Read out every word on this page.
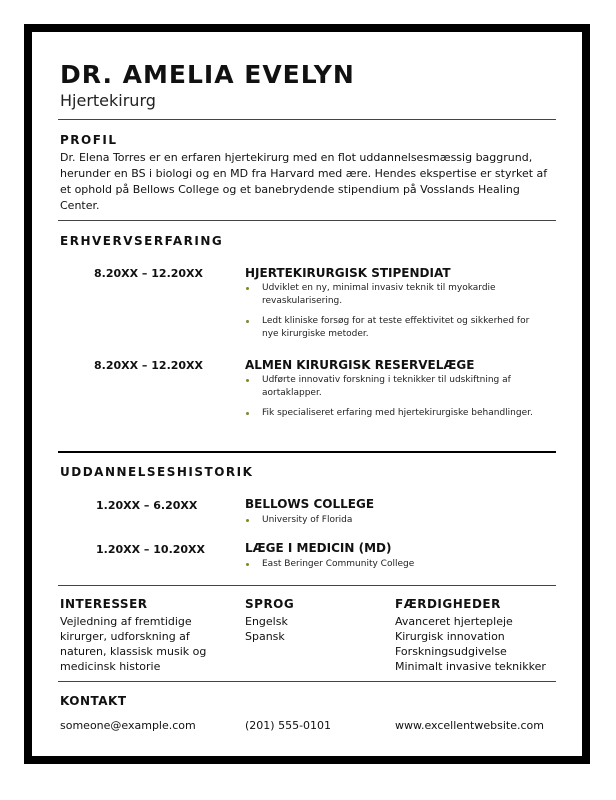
DR. AMELIA EVELYN
Hjertekirurg
PROFIL
Dr. Elena Torres er en erfaren hjertekirurg med en flot uddannelsesmæssig baggrund, herunder en BS i biologi og en MD fra Harvard med ære. Hendes ekspertise er styrket af et ophold på Bellows College og et banebrydende stipendium på Vosslands Healing Center.
ERHVERVSERFARING
8.20XX – 12.20XX	HJERTEKIRURGISK STIPENDIAT
Udviklet en ny, minimal invasiv teknik til myokardie revaskularisering.
Ledt kliniske forsøg for at teste effektivitet og sikkerhed for nye kirurgiske metoder.
8.20XX – 12.20XX	ALMEN KIRURGISK RESERVELÆGE
Udførte innovativ forskning i teknikker til udskiftning af aortaklapper.
Fik specialiseret erfaring med hjertekirurgiske behandlinger.
UDDANNELSESHISTORIK
1.20XX – 6.20XX	BELLOWS COLLEGE
University of Florida
1.20XX – 10.20XX	LÆGE I MEDICIN (MD)
East Beringer Community College
INTERESSER
Vejledning af fremtidige
kirurger, udforskning af
naturen, klassisk musik og
medicinsk historie
SPROG
Engelsk
Spansk
FÆRDIGHEDER
Avanceret hjertepleje
Kirurgisk innovation
Forskningsudgivelse
Minimalt invasive teknikker
KONTAKT
someone@example.com	(201) 555-0101	www.excellentwebsite.com
